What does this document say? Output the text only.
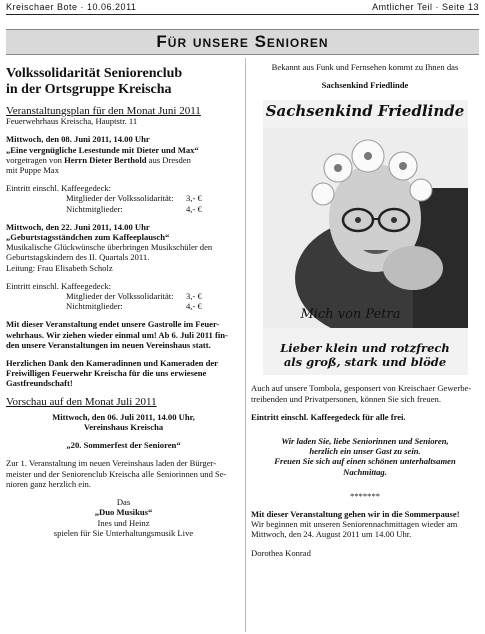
Kreischaer Bote · 10.06.2011	Amtlicher Teil · Seite 13
Für unsere Senioren
Volkssolidarität Seniorenclub
in der Ortsgruppe Kreischa

Veranstaltungsplan für den Monat Juni 2011

Feuerwehrhaus Kreischa, Hauptstr. 11

Mittwoch, den 08. Juni 2011, 14.00 Uhr

„Eine vergnügliche Lesestunde mit Dieter und Max“

vorgetragen von Herrn Dieter Berthold aus Dresden

mit Puppe Max

Eintritt einschl. Kaffeegedeck:

Mitglieder der Volkssolidarität:	3,- €
Nichtmitglieder:	4,- €

Mittwoch, den 22. Juni 2011, 14.00 Uhr

„Geburtstagsständchen zum Kaffeeplausch“

Musikalische Glückwünsche überbringen Musikschüler den

Geburtstagskindern des II. Quartals 2011.

Leitung: Frau Elisabeth Scholz

Eintritt einschl. Kaffeegedeck:

Mitglieder der Volkssolidarität:	3,- €
Nichtmitglieder:	4,- €

Mit dieser Veranstaltung endet unsere Gastrolle im Feuer-

wehrhaus. Wir ziehen wieder einmal um! Ab 6. Juli 2011 fin-

den unsere Veranstaltungen im neuen Vereinshaus statt.

Herzlichen Dank den Kameradinnen und Kameraden der

Freiwilligen Feuerwehr Kreischa für die uns erwiesene

Gastfreundschaft!

Vorschau auf den Monat Juli 2011

Mittwoch, den 06. Juli 2011, 14.00 Uhr,

Vereinshaus Kreischa

„20. Sommerfest der Senioren“

Zur 1. Veranstaltung im neuen Vereinshaus laden der Bürger-

meister und der Seniorenclub Kreischa alle Seniorinnen und Se-

nioren ganz herzlich ein.

Das

„Duo Musikus“

Ines und Heinz

spielen für Sie Unterhaltungsmusik Live

Bekannt aus Funk und Fernsehen kommt zu Ihnen das

Sachsenkind Friedlinde

Sachsenkind Friedlinde
Mich von Petra
Lieber klein und rotzfrech
als groß, stark und blöde

Auch auf unsere Tombola, gesponsert von Kreischaer Gewerbe-

treibenden und Privatpersonen, können Sie sich freuen.

Eintritt einschl. Kaffeegedeck für alle frei.

Wir laden Sie, liebe Seniorinnen und Senioren,

herzlich ein unser Gast zu sein.

Freuen Sie sich auf einen schönen unterhaltsamen

Nachmittag.

*******

Mit dieser Veranstaltung gehen wir in die Sommerpause!

Wir beginnen mit unseren Seniorennachmittagen wieder am

Mittwoch, den 24. August 2011 um 14.00 Uhr.

Dorothea Konrad
